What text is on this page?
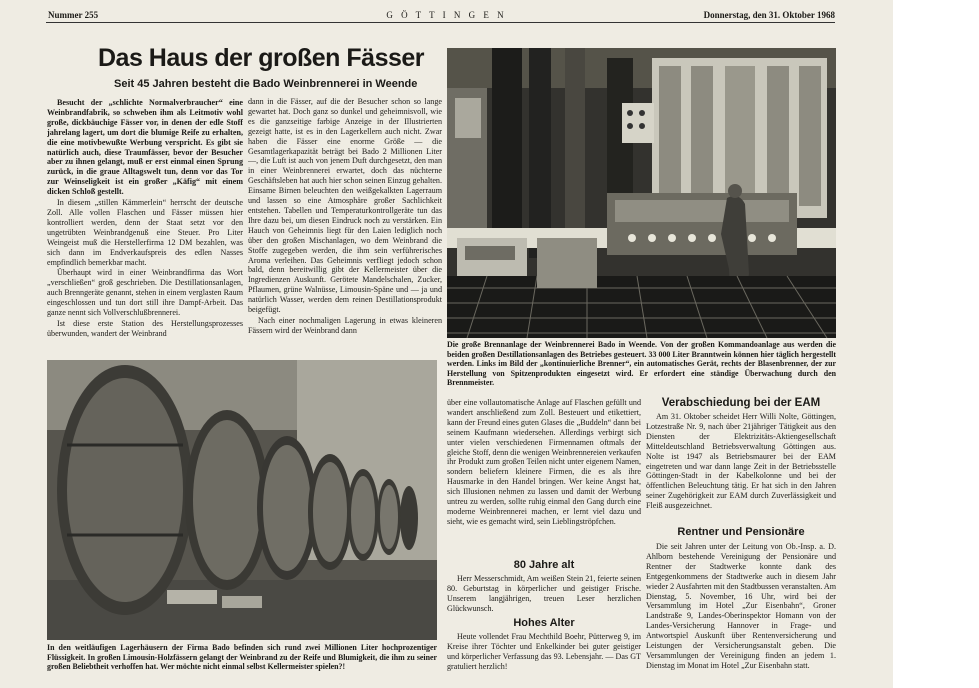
Nummer 255	G Ö T T I N G E N	Donnerstag, den 31. Oktober 1968
Das Haus der großen Fässer
Seit 45 Jahren besteht die Bado Weinbrennerei in Weende

Besucht der „schlichte Normalverbraucher“ eine Weinbrandfabrik, so schweben ihm als Leitmotiv wohl große, dickbäuchige Fässer vor, in denen der edle Stoff jahrelang lagert, um dort die blumige Reife zu erhalten, die eine motivbewußte Werbung verspricht. Es gibt sie natürlich auch, diese Traumfässer, bevor der Besucher aber zu ihnen gelangt, muß er erst einmal einen Sprung zurück, in die graue Alltagswelt tun, denn vor das Tor zur Weinseligkeit ist ein großer „Käfig“ mit einem dicken Schloß gestellt.

In diesem „stillen Kämmerlein“ herrscht der deutsche Zoll. Alle vollen Flaschen und Fässer müssen hier kontrolliert werden, denn der Staat setzt vor den ungetrübten Weinbrandgenuß eine Steuer. Pro Liter Weingeist muß die Herstellerfirma 12 DM bezahlen, was sich dann im Endverkaufspreis des edlen Nasses empfindlich bemerkbar macht.

Überhaupt wird in einer Weinbrandfirma das Wort „verschließen“ groß geschrieben. Die Destillationsanlagen, auch Brenngeräte genannt, stehen in einem verglasten Raum eingeschlossen und tun dort still ihre Dampf-Arbeit. Das ganze nennt sich Vollverschlußbrennerei.

Ist diese erste Station des Herstellungsprozesses überwunden, wandert der Weinbrand

dann in die Fässer, auf die der Besucher schon so lange gewartet hat. Doch ganz so dunkel und geheimnisvoll, wie es die ganzseitige farbige Anzeige in der Illustrierten gezeigt hatte, ist es in den Lagerkellern auch nicht. Zwar haben die Fässer eine enorme Größe — die Gesamtlagerkapazität beträgt bei Bado 2 Millionen Liter —, die Luft ist auch von jenem Duft durchgesetzt, den man in einer Weinbrennerei erwartet, doch das nüchterne Geschäftsleben hat auch hier schon seinen Einzug gehalten. Einsame Birnen beleuchten den weißgekalkten Lagerraum und lassen so eine Atmosphäre großer Sachlichkeit entstehen. Tabellen und Temperaturkontrollgeräte tun das Ihre dazu bei, um diesen Eindruck noch zu verstärken. Ein Hauch von Geheimnis liegt für den Laien lediglich noch über den großen Mischanlagen, wo dem Weinbrand die Stoffe zugegeben werden, die ihm sein verführerisches Aroma verleihen. Das Geheimnis verfliegt jedoch schon bald, denn bereitwillig gibt der Kellermeister über die Ingredienzen Auskunft. Gerötete Mandelschalen, Zucker, Pflaumen, grüne Walnüsse, Limousin-Späne und — ja und natürlich Wasser, werden dem reinen Destillationsprodukt beigefügt.

Nach einer nochmaligen Lagerung in etwas kleineren Fässern wird der Weinbrand dann

Die große Brennanlage der Weinbrennerei Bado in Weende. Von der großen Kommandoanlage aus werden die beiden großen Destillationsanlagen des Betriebes gesteuert. 33 000 Liter Branntwein können hier täglich hergestellt werden. Links im Bild der „kontinuierliche Brenner“, ein automatisches Gerät, rechts der Blasenbrenner, der zur Herstellung von Spitzenprodukten eingesetzt wird. Er erfordert eine ständige Überwachung durch den Brennmeister.
In den weitläufigen Lagerhäusern der Firma Bado befinden sich rund zwei Millionen Liter hochprozentiger Flüssigkeit. In großen Limousin-Holzfässern gelangt der Weinbrand zu der Reife und Blumigkeit, die ihm zu seiner großen Beliebtheit verhoffen hat. Wer möchte nicht einmal selbst Kellermeister spielen?!

über eine vollautomatische Anlage auf Flaschen gefüllt und wandert anschließend zum Zoll. Besteuert und etikettiert, kann der Freund eines guten Glases die „Buddeln“ dann bei seinem Kaufmann wiedersehen. Allerdings verbirgt sich unter vielen verschiedenen Firmennamen oftmals der gleiche Stoff, denn die wenigen Weinbrennereien verkaufen ihr Produkt zum großen Teilen nicht unter eigenem Namen, sondern beliefern kleinere Firmen, die es als ihre Hausmarke in den Handel bringen. Wer keine Angst hat, sich Illusionen nehmen zu lassen und damit der Werbung untreu zu werden, sollte ruhig einmal den Gang durch eine moderne Weinbrennerei machen, er lernt viel dazu und sieht, wie es gemacht wird, sein Lieblingströpfchen.

80 Jahre alt

Herr Messerschmidt, Am weißen Stein 21, feierte seinen 80. Geburtstag in körperlicher und geistiger Frische. Unserem langjährigen, treuen Leser herzlichen Glückwunsch.

Hohes Alter

Heute vollendet Frau Mechthild Boehr, Pütterweg 9, im Kreise ihrer Töchter und Enkelkinder bei guter geistiger und körperlicher Verfassung das 93. Lebensjahr. — Das GT gratuliert herzlich!

Verabschiedung bei der EAM

Am 31. Oktober scheidet Herr Willi Nolte, Göttingen, Lotzestraße Nr. 9, nach über 21jähriger Tätigkeit aus den Diensten der Elektrizitäts-Aktiengesellschaft Mitteldeutschland Betriebsverwaltung Göttingen aus. Nolte ist 1947 als Betriebsmaurer bei der EAM eingetreten und war dann lange Zeit in der Betriebsstelle Göttingen-Stadt in der Kabelkolonne und bei der öffentlichen Beleuchtung tätig. Er hat sich in den Jahren seiner Zugehörigkeit zur EAM durch Zuverlässigkeit und Fleiß ausgezeichnet.

Rentner und Pensionäre

Die seit Jahren unter der Leitung von Ob.-Insp. a. D. Ahlborn bestehende Vereinigung der Pensionäre und Rentner der Stadtwerke konnte dank des Entgegenkommens der Stadtwerke auch in diesem Jahr wieder 2 Ausfahrten mit den Stadtbussen veranstalten. Am Dienstag, 5. November, 16 Uhr, wird bei der Versammlung im Hotel „Zur Eisenbahn“, Groner Landstraße 9, Landes-Oberinspektor Homann von der Landes-Versicherung Hannover in Frage- und Antwortspiel Auskunft über Rentenversicherung und Leistungen der Versicherungsanstalt geben. Die Versammlungen der Vereinigung finden an jedem 1. Dienstag im Monat im Hotel „Zur Eisenbahn statt.
